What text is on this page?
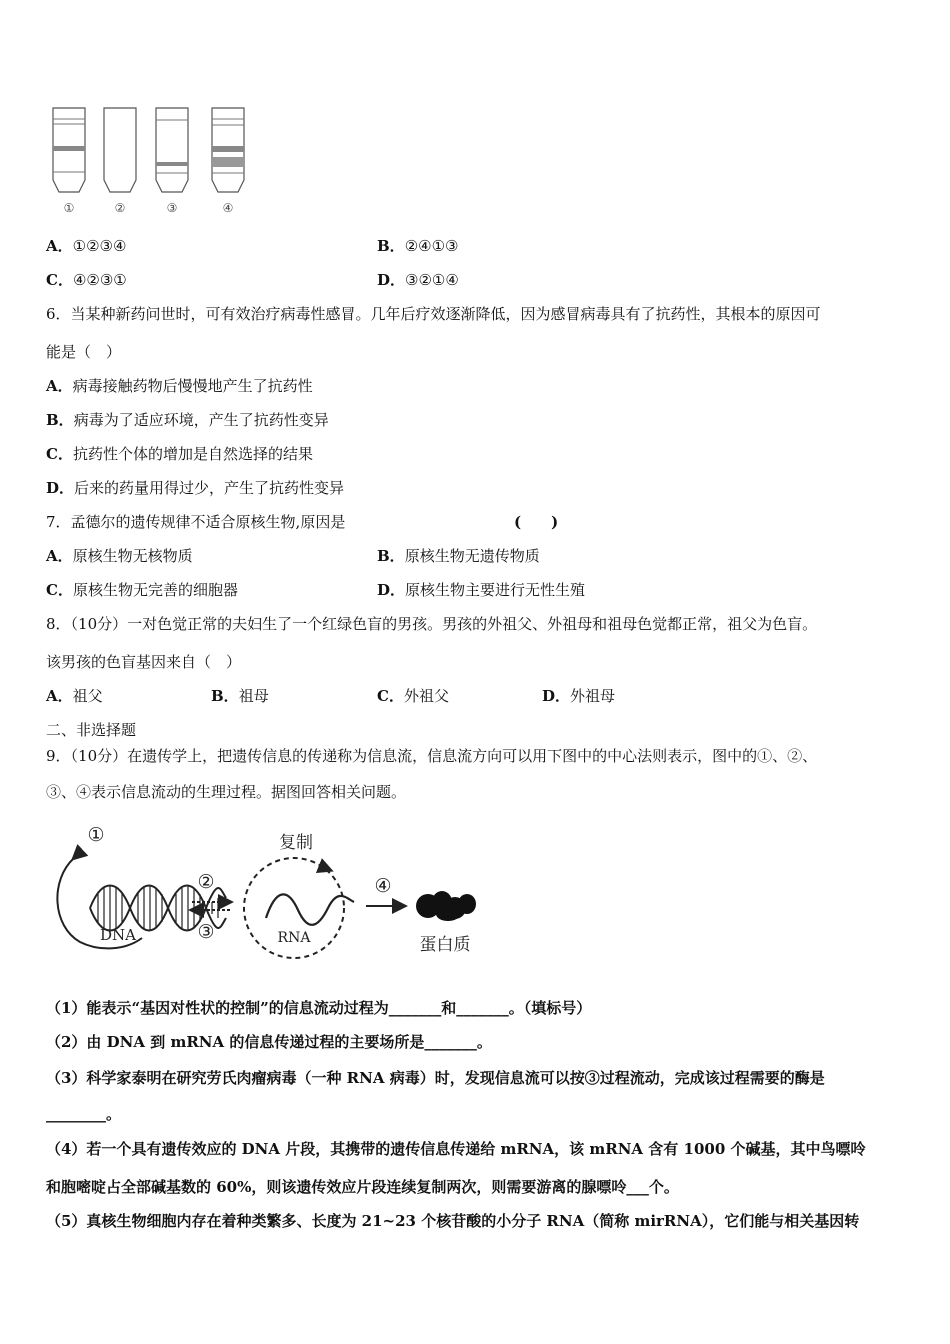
①	②	③	④
A．①②③④	B．②④①③
C．④②③①	D．③②①④
6．当某种新药问世时，可有效治疗病毒性感冒。几年后疗效逐渐降低，因为感冒病毒具有了抗药性，其根本的原因可
能是（　）
A．病毒接触药物后慢慢地产生了抗药性
B．病毒为了适应环境，产生了抗药性变异
C．抗药性个体的增加是自然选择的结果
D．后来的药量用得过少，产生了抗药性变异
7．孟德尔的遗传规律不适合原核生物,原因是	(　　)
A．原核生物无核物质	B．原核生物无遗传物质
C．原核生物无完善的细胞器	D．原核生物主要进行无性生殖
8．（10分）一对色觉正常的夫妇生了一个红绿色盲的男孩。男孩的外祖父、外祖母和祖母色觉都正常，祖父为色盲。
该男孩的色盲基因来自（　）
A．祖父	B．祖母	C．外祖父	D．外祖母
二、非选择题
9．（10分）在遗传学上，把遗传信息的传递称为信息流，信息流方向可以用下图中的中心法则表示，图中的①、②、
③、④表示信息流动的生理过程。据图回答相关问题。
①
DNA
②
③
复制
RNA
④
蛋白质
（1）能表示“基因对性状的控制”的信息流动过程为_______和_______。（填标号）
（2）由 DNA 到 mRNA 的信息传递过程的主要场所是_______。
（3）科学家泰明在研究劳氏肉瘤病毒（一种 RNA 病毒）时，发现信息流可以按③过程流动，完成该过程需要的酶是
________。
（4）若一个具有遗传效应的 DNA 片段，其携带的遗传信息传递给 mRNA，该 mRNA 含有 1000 个碱基，其中鸟嘌呤
和胞嘧啶占全部碱基数的 60%，则该遗传效应片段连续复制两次，则需要游离的腺嘌呤___个。
（5）真核生物细胞内存在着种类繁多、长度为 21~23 个核苷酸的小分子 RNA（简称 mirRNA），它们能与相关基因转
